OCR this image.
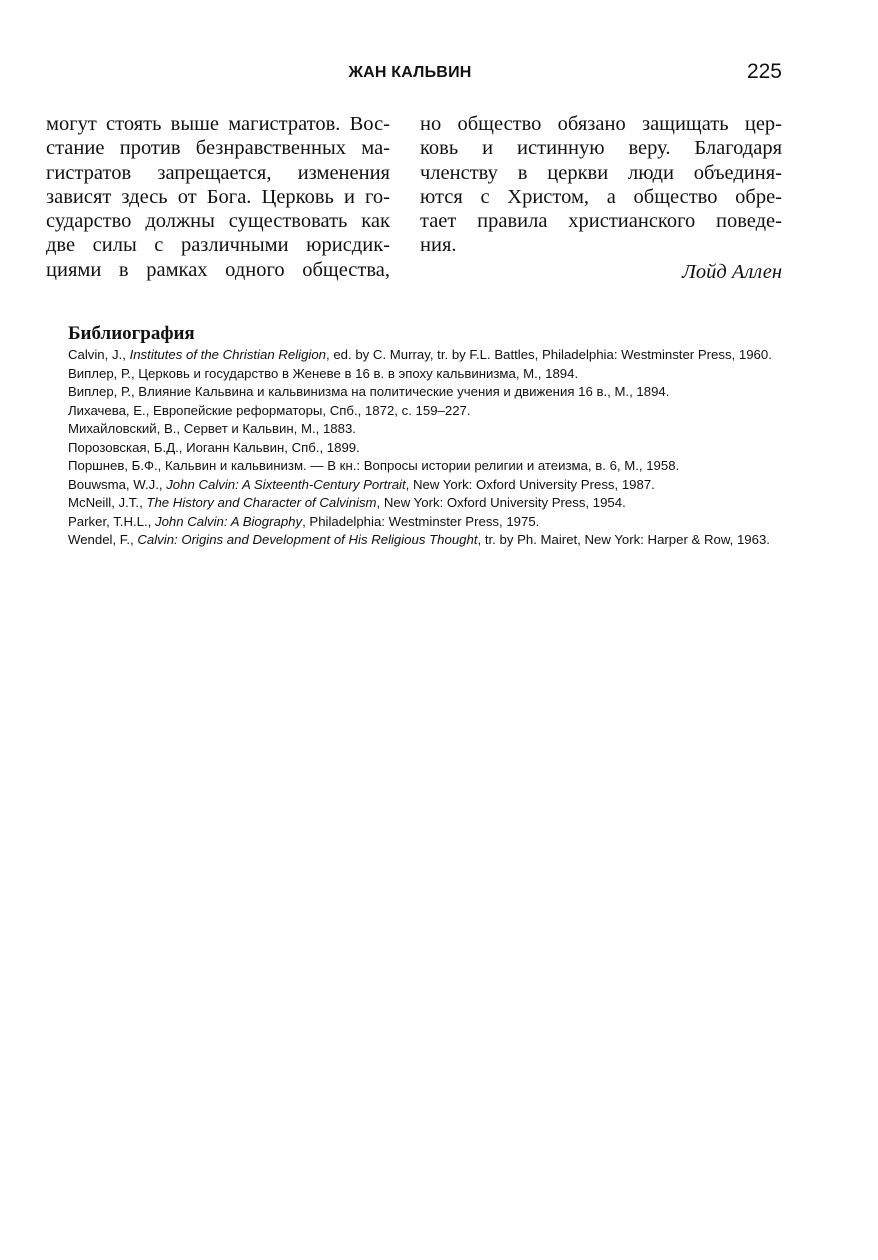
ЖАН КАЛЬВИН	225
могут стоять выше магистратов. Вос-
стание против безнравственных ма-
гистратов запрещается, изменения
зависят здесь от Бога. Церковь и го-
сударство должны существовать как
две силы с различными юрисдик-
циями в рамках одного общества,
но общество обязано защищать цер-
ковь и истинную веру. Благодаря
членству в церкви люди объединя-
ются с Христом, а общество обре-
тает правила христианского поведе-
ния.
Лойд Аллен
Библиография
Calvin, J., Institutes of the Christian Religion, ed. by C. Murray, tr. by F.L. Battles, Philadelphia: Westminster Press, 1960.
Виплер, Р., Церковь и государство в Женеве в 16 в. в эпоху кальвинизма, М., 1894.
Виплер, Р., Влияние Кальвина и кальвинизма на политические учения и движения 16 в., М., 1894.
Лихачева, Е., Европейские реформаторы, Спб., 1872, с. 159–227.
Михайловский, В., Сервет и Кальвин, М., 1883.
Порозовская, Б.Д., Иоганн Кальвин, Спб., 1899.
Поршнев, Б.Ф., Кальвин и кальвинизм. — В кн.: Вопросы истории религии и атеизма, в. 6, М., 1958.
Bouwsma, W.J., John Calvin: A Sixteenth-Century Portrait, New York: Oxford University Press, 1987.
McNeill, J.T., The History and Character of Calvinism, New York: Oxford University Press, 1954.
Parker, T.H.L., John Calvin: A Biography, Philadelphia: Westminster Press, 1975.
Wendel, F., Calvin: Origins and Development of His Religious Thought, tr. by Ph. Mairet, New York: Harper & Row, 1963.
